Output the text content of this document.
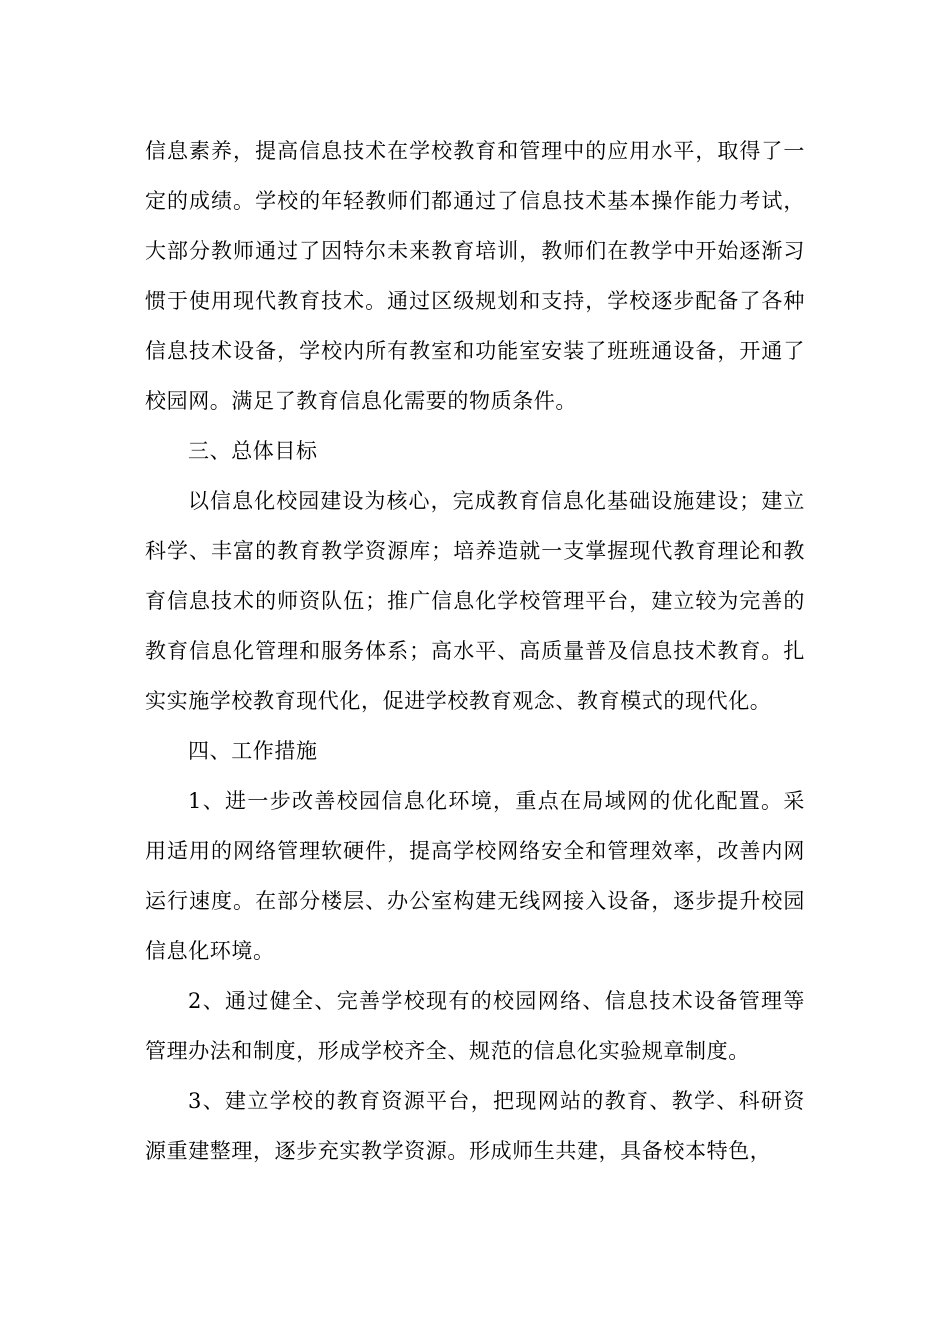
信息素养，提高信息技术在学校教育和管理中的应用水平，取得了一定的成绩。学校的年轻教师们都通过了信息技术基本操作能力考试，大部分教师通过了因特尔未来教育培训，教师们在教学中开始逐渐习惯于使用现代教育技术。通过区级规划和支持，学校逐步配备了各种信息技术设备，学校内所有教室和功能室安装了班班通设备，开通了校园网。满足了教育信息化需要的物质条件。

三、总体目标

以信息化校园建设为核心，完成教育信息化基础设施建设；建立科学、丰富的教育教学资源库；培养造就一支掌握现代教育理论和教育信息技术的师资队伍；推广信息化学校管理平台，建立较为完善的教育信息化管理和服务体系；高水平、高质量普及信息技术教育。扎实实施学校教育现代化，促进学校教育观念、教育模式的现代化。

四、工作措施

1、进一步改善校园信息化环境，重点在局域网的优化配置。采用适用的网络管理软硬件，提高学校网络安全和管理效率，改善内网运行速度。在部分楼层、办公室构建无线网接入设备，逐步提升校园信息化环境。

2、通过健全、完善学校现有的校园网络、信息技术设备管理等管理办法和制度，形成学校齐全、规范的信息化实验规章制度。

3、建立学校的教育资源平台，把现网站的教育、教学、科研资源重建整理，逐步充实教学资源。形成师生共建，具备校本特色，
